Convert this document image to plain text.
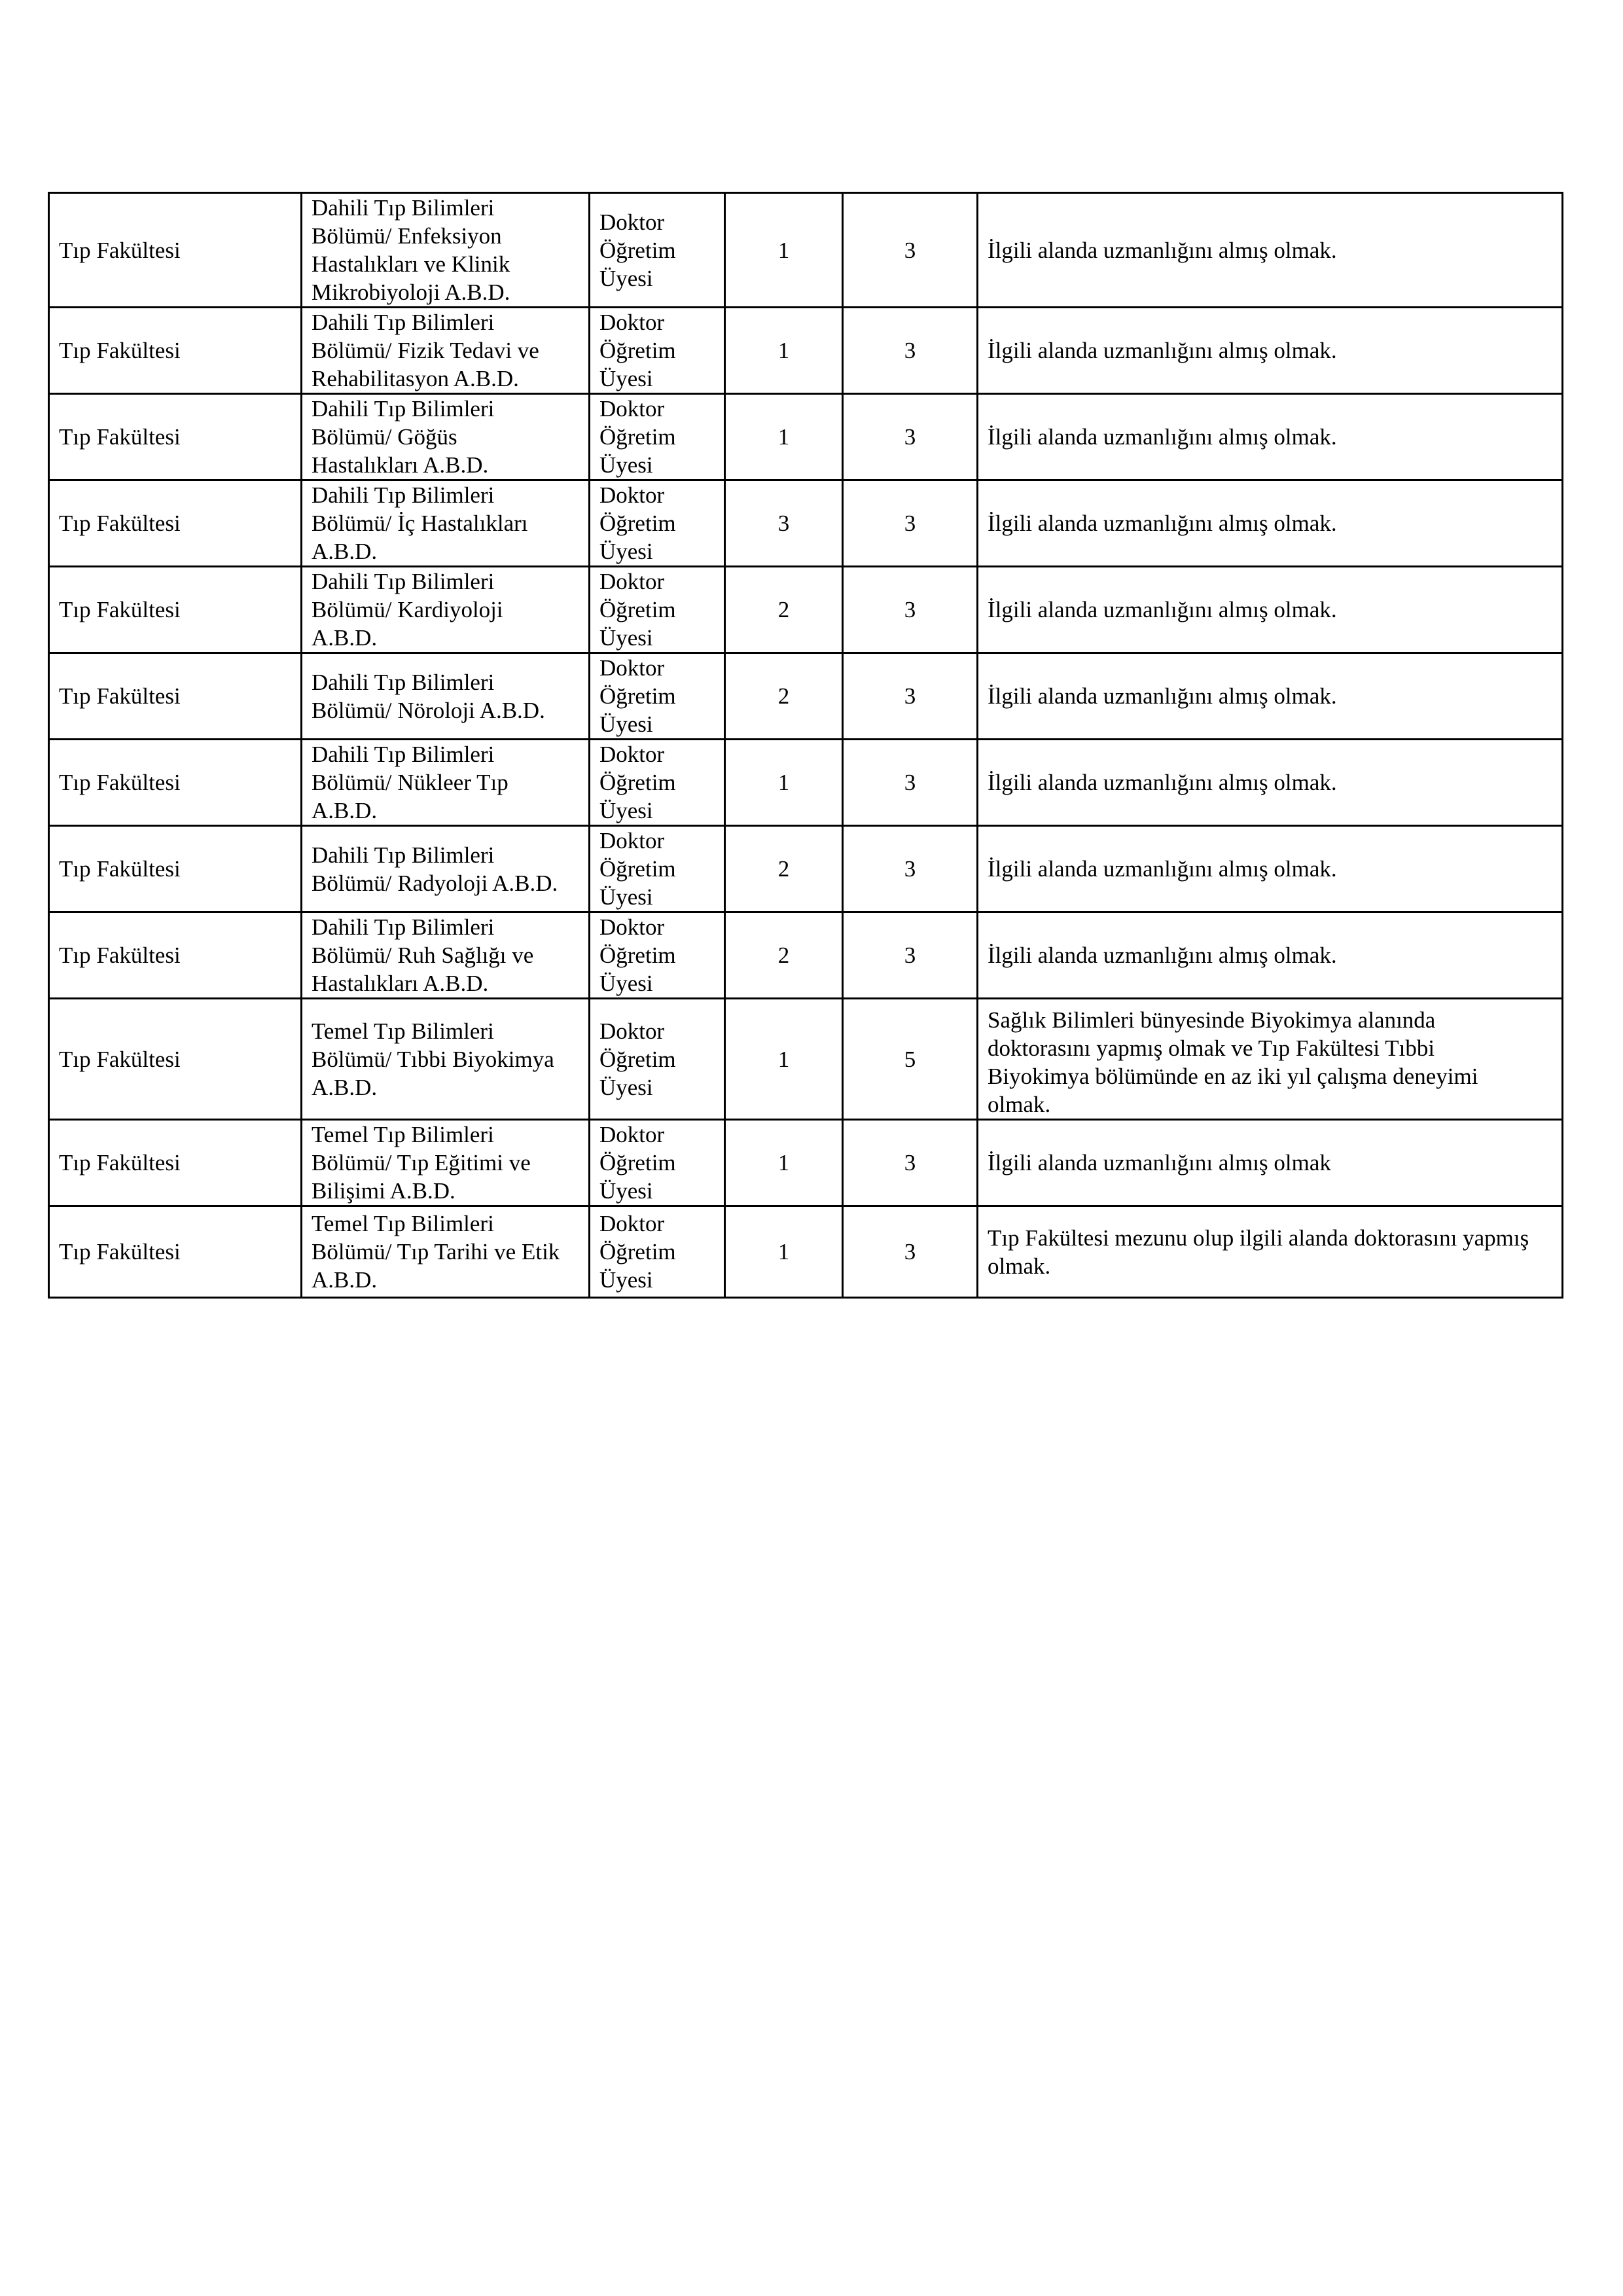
Tıp Fakültesi	Dahili Tıp Bilimleri
Bölümü/ Enfeksiyon
Hastalıkları ve Klinik
Mikrobiyoloji A.B.D.	Doktor
Öğretim
Üyesi	1	3	İlgili alanda uzmanlığını almış olmak.

Tıp Fakültesi	Dahili Tıp Bilimleri
Bölümü/ Fizik Tedavi ve
Rehabilitasyon A.B.D.	Doktor
Öğretim
Üyesi	1	3	İlgili alanda uzmanlığını almış olmak.

Tıp Fakültesi	Dahili Tıp Bilimleri
Bölümü/ Göğüs
Hastalıkları A.B.D.	Doktor
Öğretim
Üyesi	1	3	İlgili alanda uzmanlığını almış olmak.

Tıp Fakültesi	Dahili Tıp Bilimleri
Bölümü/ İç Hastalıkları
A.B.D.	Doktor
Öğretim
Üyesi	3	3	İlgili alanda uzmanlığını almış olmak.

Tıp Fakültesi	Dahili Tıp Bilimleri
Bölümü/ Kardiyoloji
A.B.D.	Doktor
Öğretim
Üyesi	2	3	İlgili alanda uzmanlığını almış olmak.

Tıp Fakültesi	Dahili Tıp Bilimleri
Bölümü/ Nöroloji A.B.D.	Doktor
Öğretim
Üyesi	2	3	İlgili alanda uzmanlığını almış olmak.

Tıp Fakültesi	Dahili Tıp Bilimleri
Bölümü/ Nükleer Tıp
A.B.D.	Doktor
Öğretim
Üyesi	1	3	İlgili alanda uzmanlığını almış olmak.

Tıp Fakültesi	Dahili Tıp Bilimleri
Bölümü/ Radyoloji A.B.D.	Doktor
Öğretim
Üyesi	2	3	İlgili alanda uzmanlığını almış olmak.

Tıp Fakültesi	Dahili Tıp Bilimleri
Bölümü/ Ruh Sağlığı ve
Hastalıkları A.B.D.	Doktor
Öğretim
Üyesi	2	3	İlgili alanda uzmanlığını almış olmak.

Tıp Fakültesi	Temel Tıp Bilimleri
Bölümü/ Tıbbi Biyokimya
A.B.D.	Doktor
Öğretim
Üyesi	1	5	Sağlık Bilimleri bünyesinde Biyokimya alanında
doktorasını yapmış olmak ve Tıp Fakültesi Tıbbi
Biyokimya bölümünde en az iki yıl çalışma deneyimi
olmak.

Tıp Fakültesi	Temel Tıp Bilimleri
Bölümü/ Tıp Eğitimi ve
Bilişimi A.B.D.	Doktor
Öğretim
Üyesi	1	3	İlgili alanda uzmanlığını almış olmak

Tıp Fakültesi	Temel Tıp Bilimleri
Bölümü/ Tıp Tarihi ve Etik
A.B.D.	Doktor
Öğretim
Üyesi	1	3	Tıp Fakültesi mezunu olup ilgili alanda doktorasını yapmış
olmak.
